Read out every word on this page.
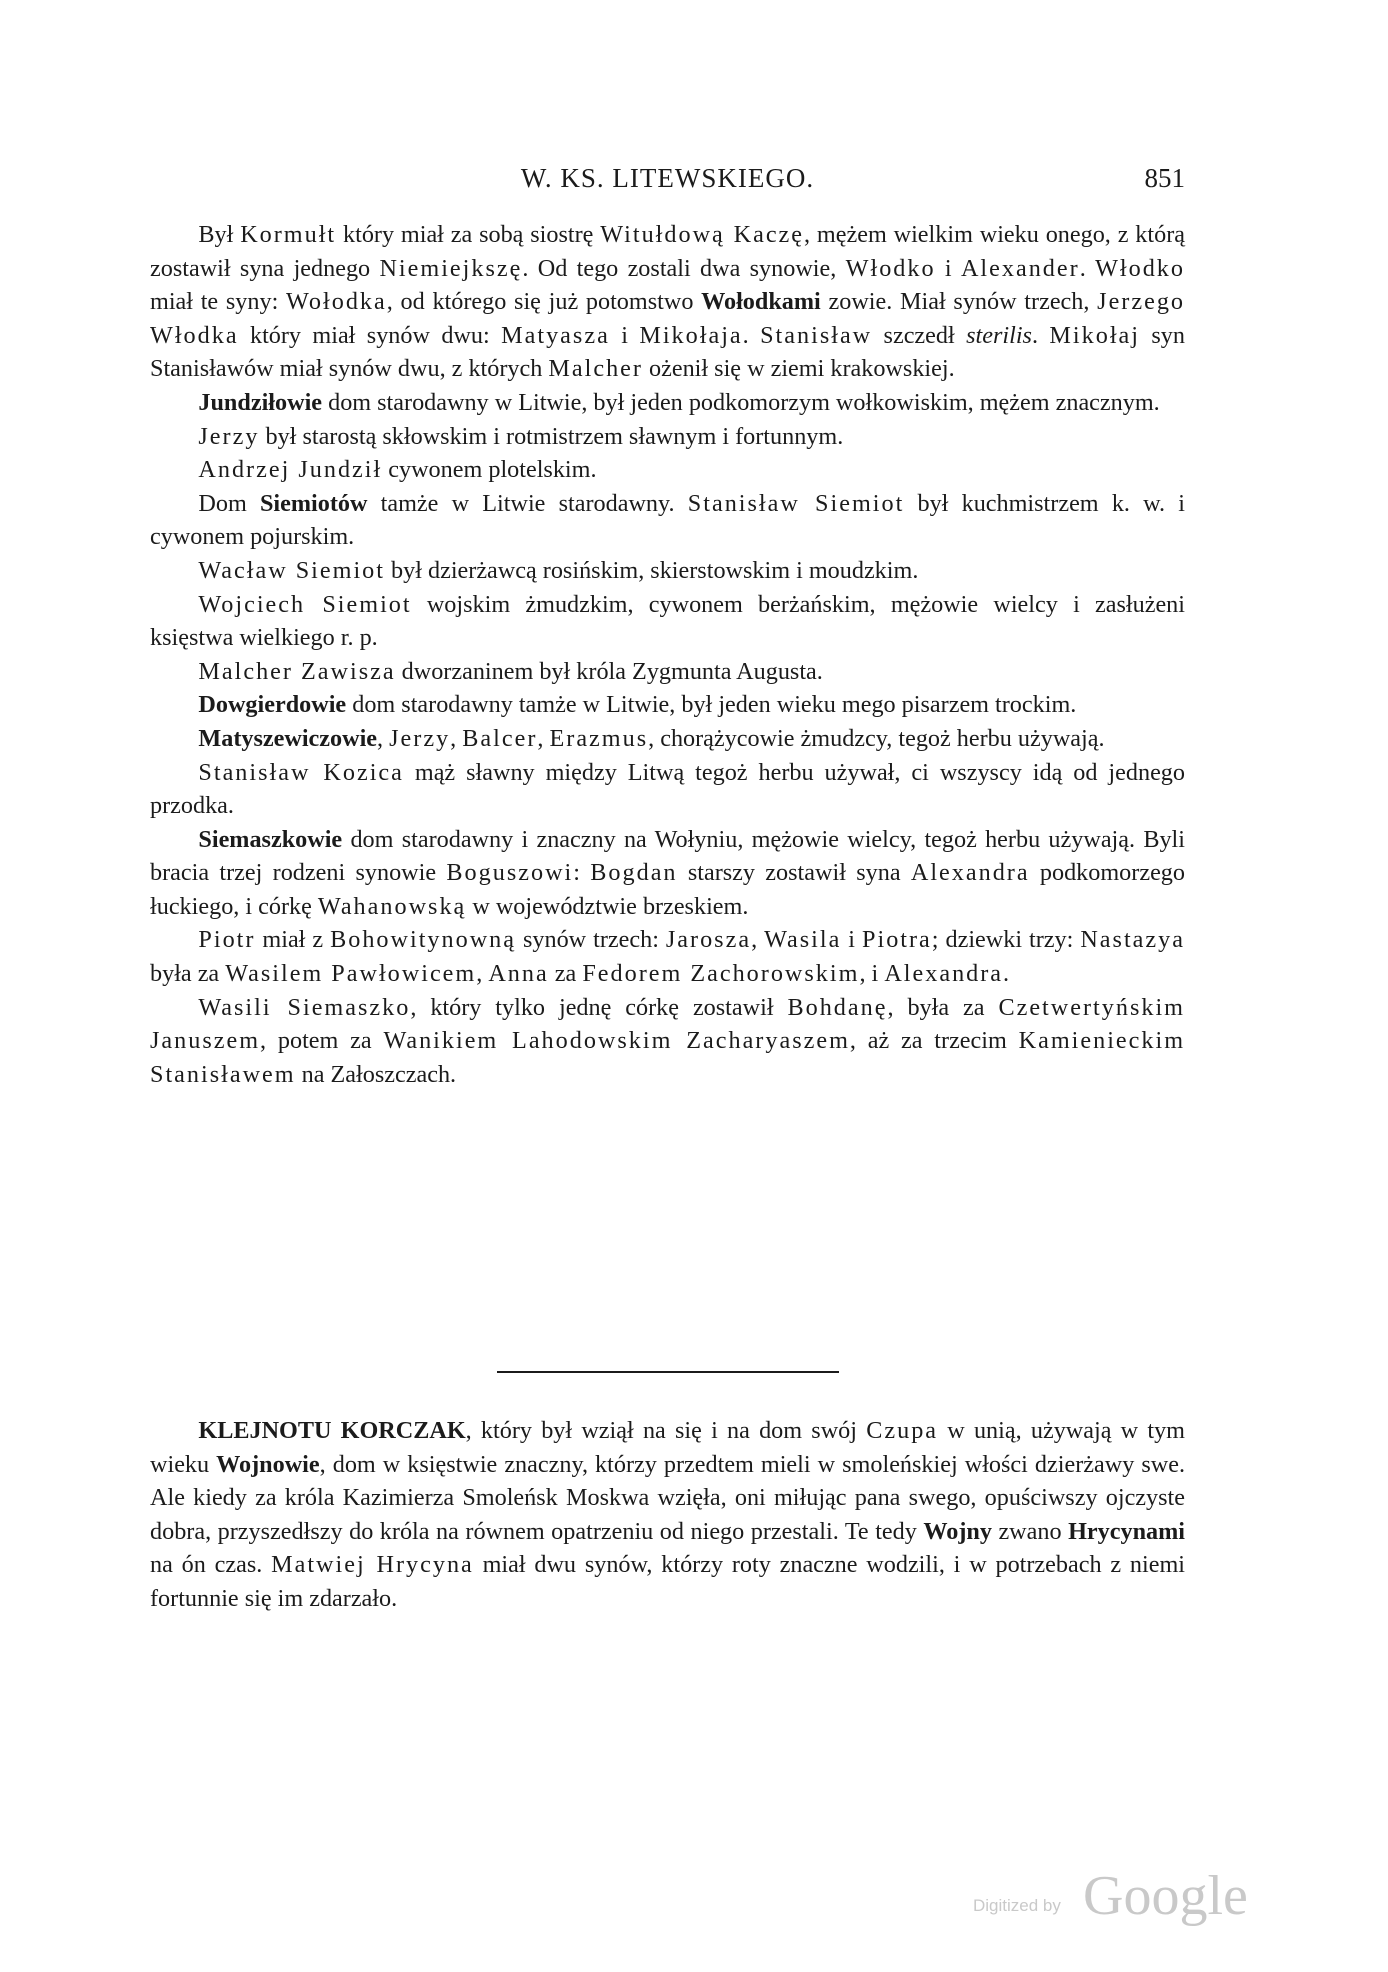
W. KS. LITEWSKIEGO.	851

Był Kormułt który miał za sobą siostrę Witułdową Kaczę, mężem wielkim wieku onego, z którą zostawił syna jednego Niemiejkszę. Od tego zostali dwa synowie, Włodko i Alexander. Włodko miał te syny: Wołodka, od którego się już potomstwo Wołodkami zowie. Miał synów trzech, Jerzego Włodka który miał synów dwu: Matyasza i Mikołaja. Stanisław szczedł sterilis. Mikołaj syn Stanisławów miał synów dwu, z których Malcher ożenił się w ziemi krakowskiej.

Jundziłowie dom starodawny w Litwie, był jeden podkomorzym wołkowiskim, mężem znacznym.

Jerzy był starostą skłowskim i rotmistrzem sławnym i fortunnym.

Andrzej Jundził cywonem plotelskim.

Dom Siemiotów tamże w Litwie starodawny. Stanisław Siemiot był kuchmistrzem k. w. i cywonem pojurskim.

Wacław Siemiot był dzierżawcą rosińskim, skierstowskim i moudzkim.

Wojciech Siemiot wojskim żmudzkim, cywonem berżańskim, mężowie wielcy i zasłużeni księstwa wielkiego r. p.

Malcher Zawisza dworzaninem był króla Zygmunta Augusta.

Dowgierdowie dom starodawny tamże w Litwie, był jeden wieku mego pisarzem trockim.

Matyszewiczowie, Jerzy, Balcer, Erazmus, chorążycowie żmudzcy, tegoż herbu używają.

Stanisław Kozica mąż sławny między Litwą tegoż herbu używał, ci wszyscy idą od jednego przodka.

Siemaszkowie dom starodawny i znaczny na Wołyniu, mężowie wielcy, tegoż herbu używają. Byli bracia trzej rodzeni synowie Boguszowi: Bogdan starszy zostawił syna Alexandra podkomorzego łuckiego, i córkę Wahanowską w województwie brzeskiem.

Piotr miał z Bohowitynowną synów trzech: Jarosza, Wasila i Piotra; dziewki trzy: Nastazya była za Wasilem Pawłowicem, Anna za Fedorem Zachorowskim, i Alexandra.

Wasili Siemaszko, który tylko jednę córkę zostawił Bohdanę, była za Czetwertyńskim Januszem, potem za Wanikiem Lahodowskim Zacharyaszem, aż za trzecim Kamienieckim Stanisławem na Załoszczach.

KLEJNOTU KORCZAK, który był wziął na się i na dom swój Czupa w unią, używają w tym wieku Wojnowie, dom w księstwie znaczny, którzy przedtem mieli w smoleńskiej włości dzierżawy swe. Ale kiedy za króla Kazimierza Smoleńsk Moskwa wzięła, oni miłując pana swego, opuściwszy ojczyste dobra, przyszedłszy do króla na równem opatrzeniu od niego przestali. Te tedy Wojny zwano Hrycynami na ón czas. Matwiej Hrycyna miał dwu synów, którzy roty znaczne wodzili, i w potrzebach z niemi fortunnie się im zdarzało.

Digitized by Google
